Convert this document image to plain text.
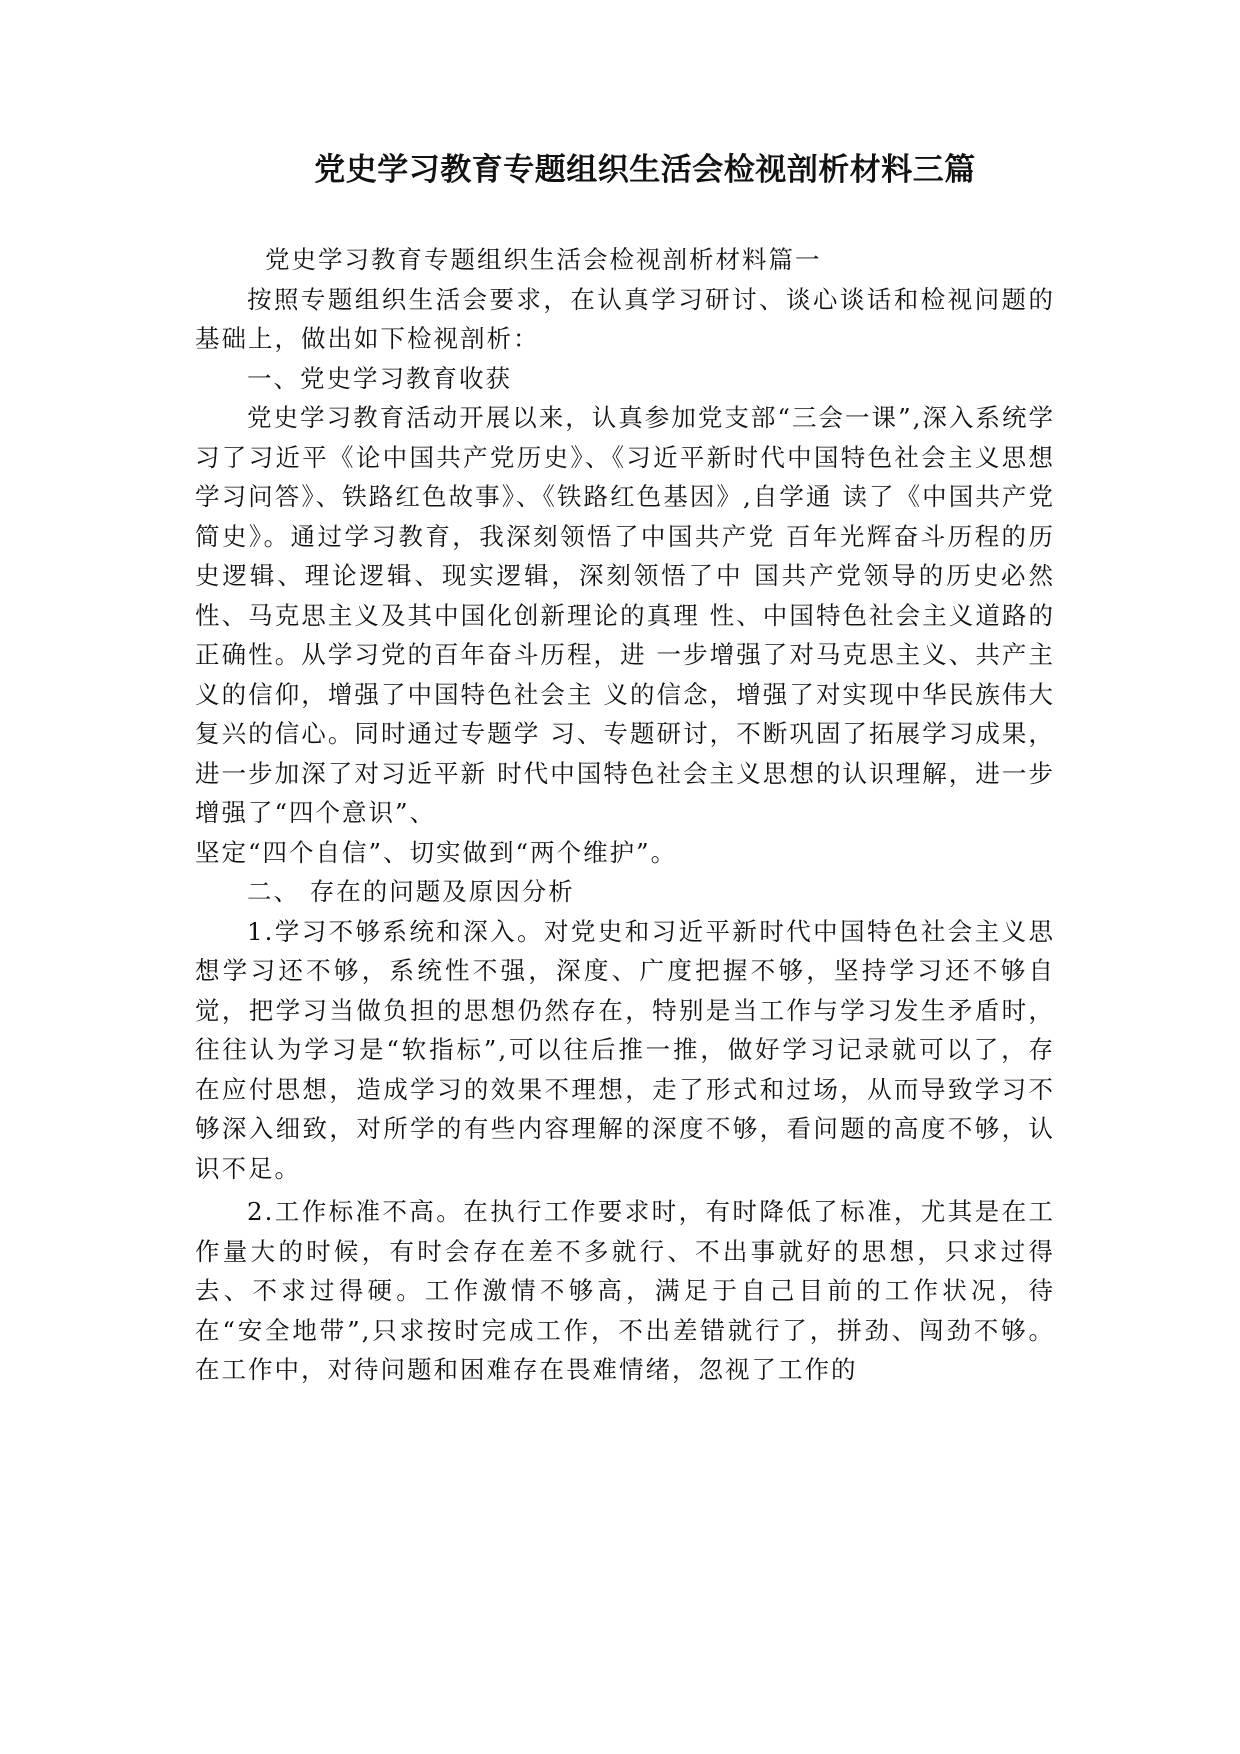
党史学习教育专题组织生活会检视剖析材料三篇

党史学习教育专题组织生活会检视剖析材料篇一

按照专题组织生活会要求，在认真学习研讨、谈心谈话和检视问题的基础上，做出如下检视剖析：

一、党史学习教育收获

党史学习教育活动开展以来，认真参加党支部“三会一课”,深入系统学习了习近平《论中国共产党历史》、《习近平新时代中国特色社会主义思想学习问答》、铁路红色故事》、《铁路红色基因》,自学通 读了《中国共产党简史》。通过学习教育，我深刻领悟了中国共产党 百年光辉奋斗历程的历史逻辑、理论逻辑、现实逻辑，深刻领悟了中 国共产党领导的历史必然性、马克思主义及其中国化创新理论的真理 性、中国特色社会主义道路的正确性。从学习党的百年奋斗历程，进 一步增强了对马克思主义、共产主义的信仰，增强了中国特色社会主 义的信念，增强了对实现中华民族伟大复兴的信心。同时通过专题学 习、专题研讨，不断巩固了拓展学习成果，进一步加深了对习近平新 时代中国特色社会主义思想的认识理解，进一步增强了“四个意识”、
坚定“四个自信”、切实做到“两个维护”。

二、 存在的问题及原因分析

1.学习不够系统和深入。对党史和习近平新时代中国特色社会主义思想学习还不够，系统性不强，深度、广度把握不够，坚持学习还不够自觉，把学习当做负担的思想仍然存在，特别是当工作与学习发生矛盾时，往往认为学习是“软指标”,可以往后推一推，做好学习记录就可以了，存在应付思想，造成学习的效果不理想，走了形式和过场，从而导致学习不够深入细致，对所学的有些内容理解的深度不够，看问题的高度不够，认识不足。

2.工作标准不高。在执行工作要求时，有时降低了标准，尤其是在工作量大的时候，有时会存在差不多就行、不出事就好的思想，只求过得去、不求过得硬。工作激情不够高，满足于自己目前的工作状况，待在“安全地带”,只求按时完成工作，不出差错就行了，拼劲、闯劲不够。在工作中，对待问题和困难存在畏难情绪，忽视了工作的
